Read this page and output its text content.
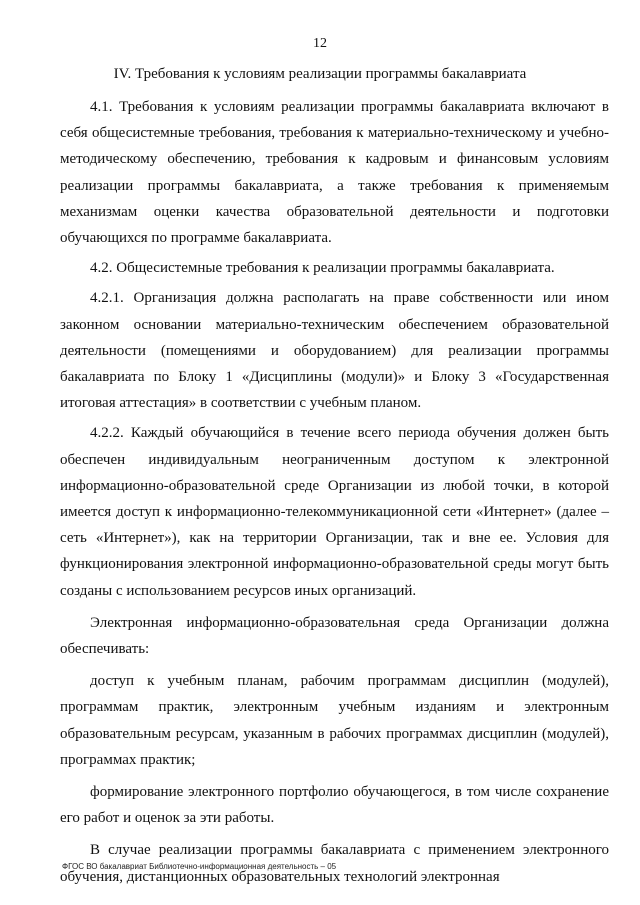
12
IV. Требования к условиям реализации программы бакалавриата

4.1. Требования к условиям реализации программы бакалавриата включают в себя общесистемные требования, требования к материально-техническому и учебно-методическому обеспечению, требования к кадровым и финансовым условиям реализации программы бакалавриата, а также требования к применяемым механизмам оценки качества образовательной деятельности и подготовки обучающихся по программе бакалавриата.

4.2. Общесистемные требования к реализации программы бакалавриата.

4.2.1. Организация должна располагать на праве собственности или ином законном основании материально-техническим обеспечением образовательной деятельности (помещениями и оборудованием) для реализации программы бакалавриата по Блоку 1 «Дисциплины (модули)» и Блоку 3 «Государственная итоговая аттестация» в соответствии с учебным планом.

4.2.2. Каждый обучающийся в течение всего периода обучения должен быть обеспечен индивидуальным неограниченным доступом к электронной информационно-образовательной среде Организации из любой точки, в которой имеется доступ к информационно-телекоммуникационной сети «Интернет» (далее – сеть «Интернет»), как на территории Организации, так и вне ее. Условия для функционирования электронной информационно-образовательной среды могут быть созданы с использованием ресурсов иных организаций.

Электронная информационно-образовательная среда Организации должна обеспечивать:

доступ к учебным планам, рабочим программам дисциплин (модулей), программам практик, электронным учебным изданиям и электронным образовательным ресурсам, указанным в рабочих программах дисциплин (модулей), программах практик;

формирование электронного портфолио обучающегося, в том числе сохранение его работ и оценок за эти работы.

В случае реализации программы бакалавриата с применением электронного обучения, дистанционных образовательных технологий электронная

ФГОС ВО бакалавриат Библиотечно-информационная деятельность – 05
